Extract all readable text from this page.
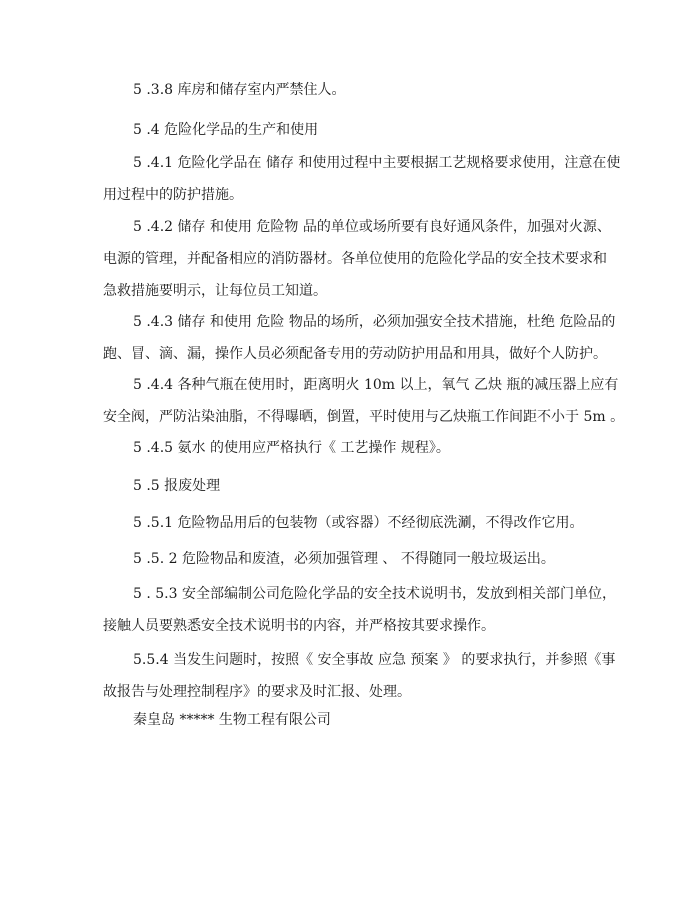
5 .3.8 库房和储存室内严禁住人。

5 .4 危险化学品的生产和使用

5 .4.1 危险化学品在 储存 和使用过程中主要根据工艺规格要求使用，注意在使
用过程中的防护措施。

5 .4.2 储存 和使用 危险物 品的单位或场所要有良好通风条件，加强对火源、
电源的管理，并配备相应的消防器材。各单位使用的危险化学品的安全技术要求和
急救措施要明示，让每位员工知道。

5 .4.3 储存 和使用 危险 物品的场所，必须加强安全技术措施，杜绝 危险品的
跑、冒、滴、漏，操作人员必须配备专用的劳动防护用品和用具，做好个人防护。

5 .4.4 各种气瓶在使用时，距离明火 10m 以上，氧气 乙炔 瓶的减压器上应有
安全阀，严防沾染油脂，不得曝晒，倒置，平时使用与乙炔瓶工作间距不小于 5m 。

5 .4.5 氨水 的使用应严格执行《 工艺操作 规程》。

5 .5 报废处理

5 .5.1 危险物品用后的包装物（或容器）不经彻底洗涮，不得改作它用。

5 .5. 2 危险物品和废渣，必须加强管理 、 不得随同一般垃圾运出。

5 . 5.3 安全部编制公司危险化学品的安全技术说明书，发放到相关部门单位，
接触人员要熟悉安全技术说明书的内容，并严格按其要求操作。

5.5.4 当发生问题时，按照《 安全事故 应急 预案 》 的要求执行，并参照《事
故报告与处理控制程序》的要求及时汇报、处理。

秦皇岛 ***** 生物工程有限公司
